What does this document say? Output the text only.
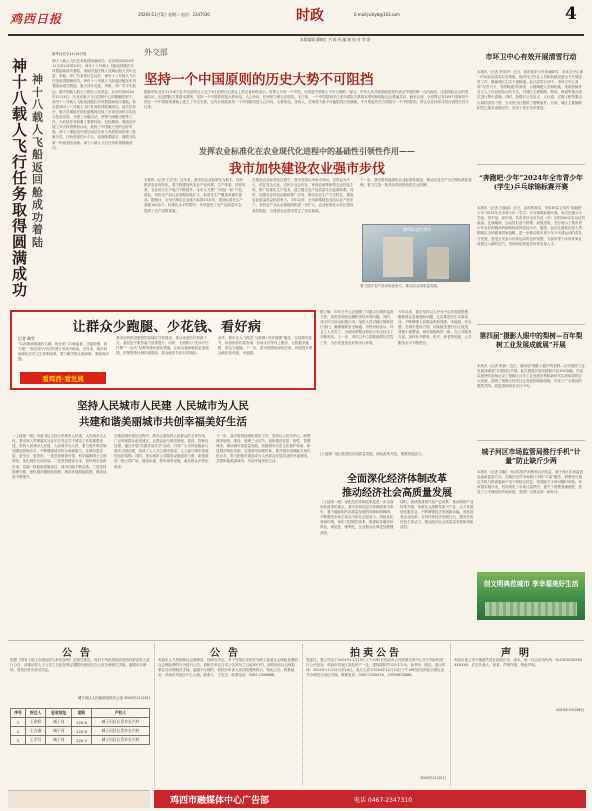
鸡西日报	2024年11月5日 星期二 电话：2347030	时政	E-mail:jxrbyb@163.com	4
本版编辑 潘晓红 书 陈 孙 编 谢 校 对 李 颂
神十八载人飞行任务取得圆满成功
神十八载人飞船返回舱成功着陆
新华社北京11月4日电
神十八载人飞行任务取得圆满成功。北京时间2024年11月4日01时24分，神舟十八号载人飞船返回舱在东风着陆场成功着陆，现场医监医保人员确认航天员叶光富、李聪、李广苏身体状态良好，神舟十八号载人飞行任务取得圆满成功。神舟十八号载人飞船返回舱在东风着陆场成功着陆，航天员叶光富、李聪、李广苏平安抵达。据中国载人航天工程办公室消息，北京时间2024年11月4日，在北京航天飞行控制中心的精确控制下，神舟十八号载人飞船返回舱在东风着陆场成功着陆，标志着神舟十八号载人飞行任务取得圆满成功。此次任务中，航天员乘组在轨驻留期间完成了多项空间科学实验与技术试验，开展了出舱活动、货物气闸舱出舱等工作，为后续任务积累了重要经验。在轨期间，乘组还开展了多次科普教育活动，展现了中国航天员的良好风貌。神十八乘组是中国空间站应用与发展阶段的第三批航天员，在轨驻留约六个月。返回舱着陆后，搜救分队第一时间到达现场。神十八载人飞行任务取得圆满成功。
外交部
坚持一个中国原则的历史大势不可阻挡
据新华社北京11月4日电 外交部发言人毛宁4日在例行记者会上答记者问时表示，世界上只有一个中国，台湾是中国领土不可分割的一部分，中华人民共和国政府是代表全中国的唯一合法政府。这是国际社会的普遍共识，也是国际关系基本准则。坚持一个中国原则是大势所趋、人心所向，任何势力都无法阻挡。毛宁说，一个中国原则早已成为国际关系基本准则和国际社会普遍共识。截至目前，全世界已有183个国家同中国在一个中国原则基础上建立了外交关系，这充分说明坚持一个中国原则是人心所向、大势所趋，任何人、任何势力都不可能阻挡历史潮流。中方敦促有关方面恪守一个中国原则，停止以任何形式同台湾进行官方往来。
市环卫中心有效开展清雪行动
本报讯（记者 李英华）近日，我市迎来今冬首场降雪，市环卫中心第一时间启动清雪应急预案，组织环卫作业人员和机械设备全力开展清雪工作，确保城区主次干道畅通。此次清雪行动中，市环卫中心坚持“以雪为令、雪停路通”的原则，合理调配人员和机械，采取机械作业与人工作业相结合的方式，对城区主要街路、桥梁、坡道等重点部位进行集中清理。同时，加强对公交站点、人行道、过街天桥等重点区域的清雪力度，为市民出行提供了便利条件。目前，城区主要街路积雪已基本清理完毕，各项工作正有序推进。
“奔跑吧·少年”2024年全市青少年(学生)乒乓球锦标赛开赛
本报讯（记者 王晓丽）近日，由市教育局、市体育局主办的“奔跑吧·少年”2024年全市青少年（学生）乒乓球锦标赛开赛。本次比赛分小学组、初中组、高中组，共有来自全市各县（市）区的200余名运动员参加。比赛期间，运动员们奋力拼搏、顽强进取，充分展示了我市青少年良好的精神风貌和较高的竞技水平。据悉，此次比赛旨在深入贯彻落实全民健身国家战略，进一步推动我市青少年乒乓球运动的普及与发展，营造全民参与体育运动的良好氛围，为我市青少年体育事业发展注入新的活力，发现和培养更多体育后备人才。
第四届“摄影人眼中的梨树—百年梨树工业发展成就展”开展
本报讯（记者 张新）近日，第四届“摄影人眼中的梨树—百年梨树工业发展成就展”在梨树区开展。此次展览共展出摄影作品100余幅，作品以独特的视角记录了梨树区百年工业发展历程和新时代以来取得的巨大成就，展现了梨树区经济社会发展的崭新面貌，引发了广大观众的强烈共鸣。展览将持续至本月中旬。
城子河区市场监管局推行手机“计量”防止缺斤少两
本报讯（记者 刘磊）为切实维护消费者合法权益，城子河区市场监管局创新监管方式，在辖区农贸市场推行手机“计量”服务，消费者可通过手机扫码查看商户电子秤检定信息，发现缺斤少两可随时举报。该举措实施以来，有效规范了市场计量秩序，提升了消费者满意度，营造了公平诚信的市场环境，受到广大群众的一致好评。
创文明典范城市 享幸福美好生活
发挥农业标准化在农业现代化进程中的基础性引领性作用——
我市加快建设农业强市步伐
本报讯（记者 王宏亮）近年来，我市以农业标准化为抓手，加快推进农业现代化，着力构建现代农业产业体系、生产体系、经营体系，农业综合生产能力不断提升。全市大力推广“两品一标”产品，绿色、有机农产品认证面积持续扩大，标准化生产覆盖率逐年提高。据统计，全市已制定农业地方标准10余项，建设标准化生产基地100余个。标准化水平的提升，有效促进了农产品质量安全，提高了农产品附加值。
在推进农业标准化过程中，我市坚持以市场为导向，以效益为中心，依托龙头企业、农民专业合作社、家庭农场等新型农业经营主体，推广标准化生产技术，建立健全农产品质量安全追溯体系。同时，加强农业科技创新和推广应用，推动农业生产方式转变，提高农业质量效益和竞争力。今年以来，全市新增绿色食品认证产品多个，有机农产品认证基地面积进一步扩大，农业标准化示范区建设成效明显，为建设农业强市奠定了坚实基础。
下一步，我市将持续深化农业标准化建设，推动农业生产全过程标准化管理，着力打造一批具有鸡西特色的农业品牌。
城市标志性建筑
着力提升农产品市场竞争力，推动农业高质量发展。
让群众少跑腿、少花钱、看好病
记者 韩雪
“以前看病要跑好几趟，现在家门口就能看，还能报销，真方便！”家住城子河区的刘大爷高兴地说。近年来，我市持续深化医药卫生体制改革，着力解决群众看病难、看病贵问题。
看鸡西·看发展
我市加快推进紧密型县域医共体建设，推动优质医疗资源下沉，基层医疗服务能力显著提升。同时，全面推行“先诊疗后付费”“一站式”结算等便民惠民措施，让群众看病就医更加便捷。医保报销比例持续提高，群众就医负担有效减轻。
此外，我市还大力推进“互联网+医疗健康”服务，实现预约挂号、检查检验结果查询、诊间支付等线上服务，让数据多跑路、群众少跑腿。下一步，我市将继续深化医改，持续提升群众就医获得感、幸福感。
据了解，市环卫中心还加强了对重点区域的巡查力度，及时发现和处理积雪结冰等问题。同时，各区环卫所也积极行动，组织人员对辖区街路进行清扫，确保道路安全畅通。市民纷纷表示，环卫工人辛苦了，为城市的整洁和出行安全付出了辛勤劳动。下一步，市环卫中心将继续做好清雪工作，为市民营造良好的出行环境。
今年以来，我市坚持以人民为中心的发展思想，聚焦群众急难愁盼问题，扎实推进民生实事项目，不断增强人民群众的获得感、幸福感、安全感。在城市建设方面，持续推进老旧小区改造、背街小巷整治，城市面貌焕然一新。在公共服务方面，加快补齐教育、医疗、养老等短板，公共服务水平不断提升。
坚持人民城市人民建 人民城市为人民
共建和谐美丽城市共创幸福美好生活
（上接第一版）市委书记主持人民城市人民建，人民城市为人民。我市深入贯彻落实习近平总书记关于城市工作的重要论述，坚持人民城市人民建、人民城市为人民，着力提升城市规划建设管理水平，不断增强城市综合承载能力，让城市更宜居、更安全、更美好。一是坚持规划引领，科学编制国土空间规划，优化城市空间布局。二是坚持建设为本，加快城市更新步伐，实施一批基础设施项目，城市功能不断完善。三是坚持管理为要，深化城市精细化管理，城市环境持续改善，城市品质不断提升。
在推进城市建设过程中，我市注重发挥人民群众的主体作用，广泛听取群众意见建议，让群众参与城市规划、建设、管理全过程。通过开展“共建共治共享”活动，引导广大市民积极参与城市文明创建，形成了人人关心城市建设、人人参与城市管理的良好氛围。同时，加大城市公共服务设施建设力度，新建改造一批公园广场、健身步道、停车场等设施，满足群众多样化需求。
下一步，我市将持续深化城市工作，坚持以人民为中心，统筹城市规划、建设、管理三大环节，加快建设宜居、韧性、智慧城市，推动城市高质量发展。加强城市历史文化保护传承，彰显城市特色风貌。完善城市治理体系，提升城市治理能力现代化水平，努力把我市建设成为人民群众安居乐业的幸福家园，共建和谐美丽城市，共创幸福美好生活。
(上接第一版) 推进经济高质量发展，深化改革开放，增强发展活力。
全面深化经济体制改革
推动经济社会高质量发展
（上接第一版）深化经济体制改革是进一步全面深化改革的重点。我市坚持以经济体制改革为牵引，着力破除制约高质量发展的体制机制障碍，不断激发市场主体活力和社会创造力。持续优化营商环境，深化“放管服”改革，推进政务服务标准化、规范化、便利化，企业群众办事更加便捷高效。
同时，加快构建现代化产业体系，推动传统产业转型升级，培育壮大战略性新兴产业，大力发展现代服务业，不断增强经济发展新动能。深化国有企业改革，支持民营经济发展壮大，激发各类经营主体活力，推动经济社会高质量发展取得新成效。
公告
根据《国有土地上房屋征收与补偿条例》及相关规定，现对下列房屋征收范围内被征收人进行公告，请被征收人于公告之日起在规定期限内到征收办公室办理相关手续。逾期未办理的，将依法作出补偿决定。
城子河区人民政府征收办公室 2024年11月4日
序号	拆迁人	征收地址	面积	产权人
1	王余彩	城子河	120.6	城子河区长青乡长兴村
2	王吉刚	城子河	120.6	城子河区长青乡长兴村
3	王学芬	城子河	120.3	城子河区长青乡长兴村
公告
鸡西市人力资源和社会保障局：经研究决定，对下列单位未依法为职工参加社会保险及缴纳社会保险费的行为进行公告。请相关单位自本公告发布之日起30日内，到鸡西市社会保险事业局办理相关手续，逾期不办理的，将依法申请人民法院强制执行。特此公告。联系地址：鸡西市鸡冠区中心大街。联系人：王先生。联系电话：0467-2398888。
拍卖公告
受委托，我公司定于2024年11月15日上午10时在鸡西市公共资源交易中心对下列标的进行公开拍卖：鸡西市鸡冠区某处房产一处，建筑面积约120平方米。参考价：面议。展示时间：2024年11月12日至14日。竞买人须于2024年11月14日下午16时前交纳竞买保证金并办理竞买登记手续。联系电话：0467-2345678，13904678888。
2024年11月5日
声明
鸡西市某公司不慎遗失营业执照正本、副本，统一社会信用代码：91230300XXXXXXXXXX，法定代表人：张某，声明作废。特此声明。
2024年10月26日
鸡西市融媒体中心广告部	电话 0467-2347310
